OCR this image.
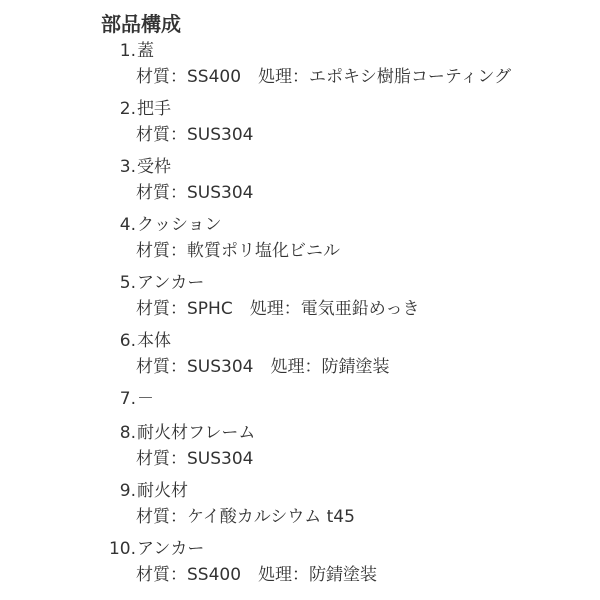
部品構成
1. 蓋
材質：SS400　処理：エポキシ樹脂コーティング
2. 把手
材質：SUS304
3. 受枠
材質：SUS304
4. クッション
材質：軟質ポリ塩化ビニル
5. アンカー
材質：SPHC　処理：電気亜鉛めっき
6. 本体
材質：SUS304　処理：防錆塗装
7. －
8. 耐火材フレーム
材質：SUS304
9. 耐火材
材質：ケイ酸カルシウム t45
10. アンカー
材質：SS400　処理：防錆塗装
